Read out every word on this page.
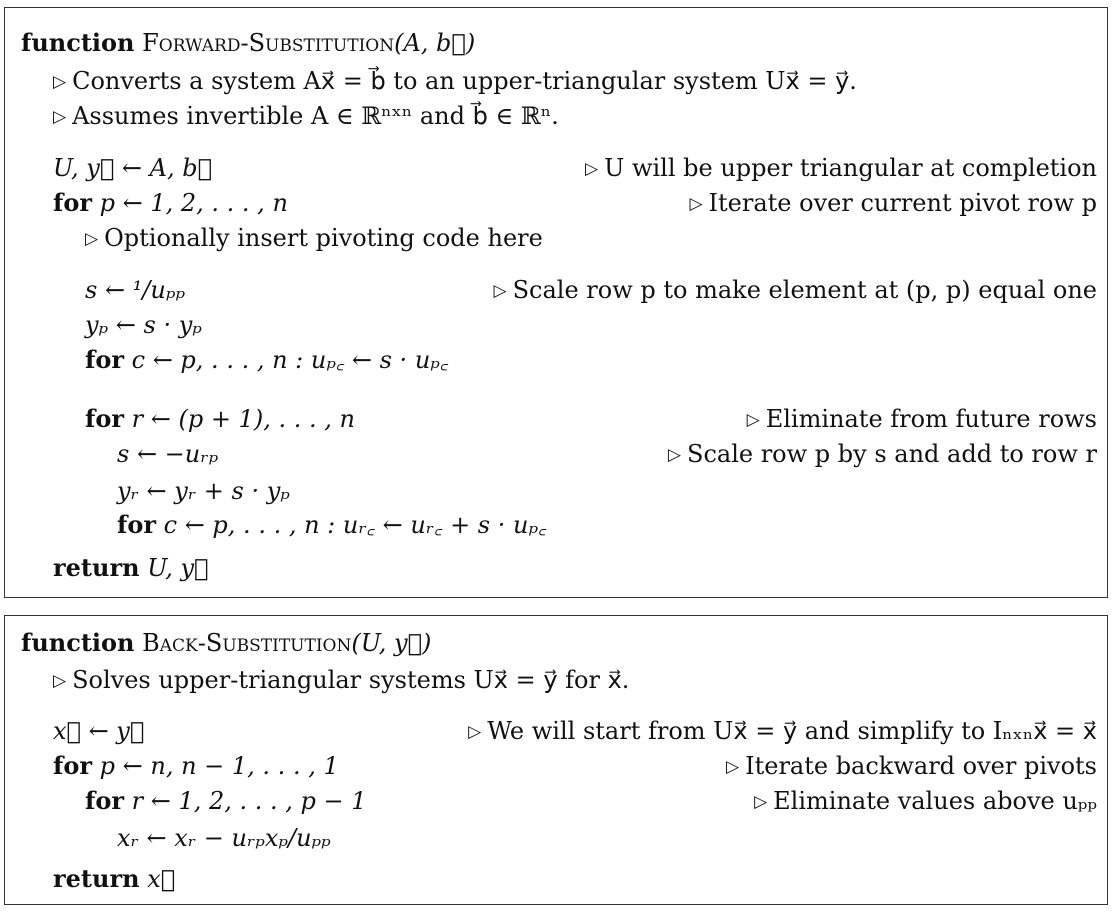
function Forward-Substitution(A, b⃗)
▷ Converts a system Ax⃗ = b⃗ to an upper-triangular system Ux⃗ = y⃗.
▷ Assumes invertible A ∈ ℝⁿˣⁿ and b⃗ ∈ ℝⁿ.
U, y⃗ ← A, b⃗	▷ U will be upper triangular at completion
for p ← 1, 2, . . . , n	▷ Iterate over current pivot row p
▷ Optionally insert pivoting code here
s ← ¹/uₚₚ	▷ Scale row p to make element at (p, p) equal one
yₚ ← s · yₚ
for c ← p, . . . , n : uₚ꜀ ← s · uₚ꜀
for r ← (p + 1), . . . , n	▷ Eliminate from future rows
s ← −uᵣₚ	▷ Scale row p by s and add to row r
yᵣ ← yᵣ + s · yₚ
for c ← p, . . . , n : uᵣ꜀ ← uᵣ꜀ + s · uₚ꜀
return U, y⃗
function Back-Substitution(U, y⃗)
▷ Solves upper-triangular systems Ux⃗ = y⃗ for x⃗.
x⃗ ← y⃗	▷ We will start from Ux⃗ = y⃗ and simplify to Iₙₓₙx⃗ = x⃗
for p ← n, n − 1, . . . , 1	▷ Iterate backward over pivots
for r ← 1, 2, . . . , p − 1	▷ Eliminate values above uₚₚ
xᵣ ← xᵣ − uᵣₚxₚ/uₚₚ
return x⃗
